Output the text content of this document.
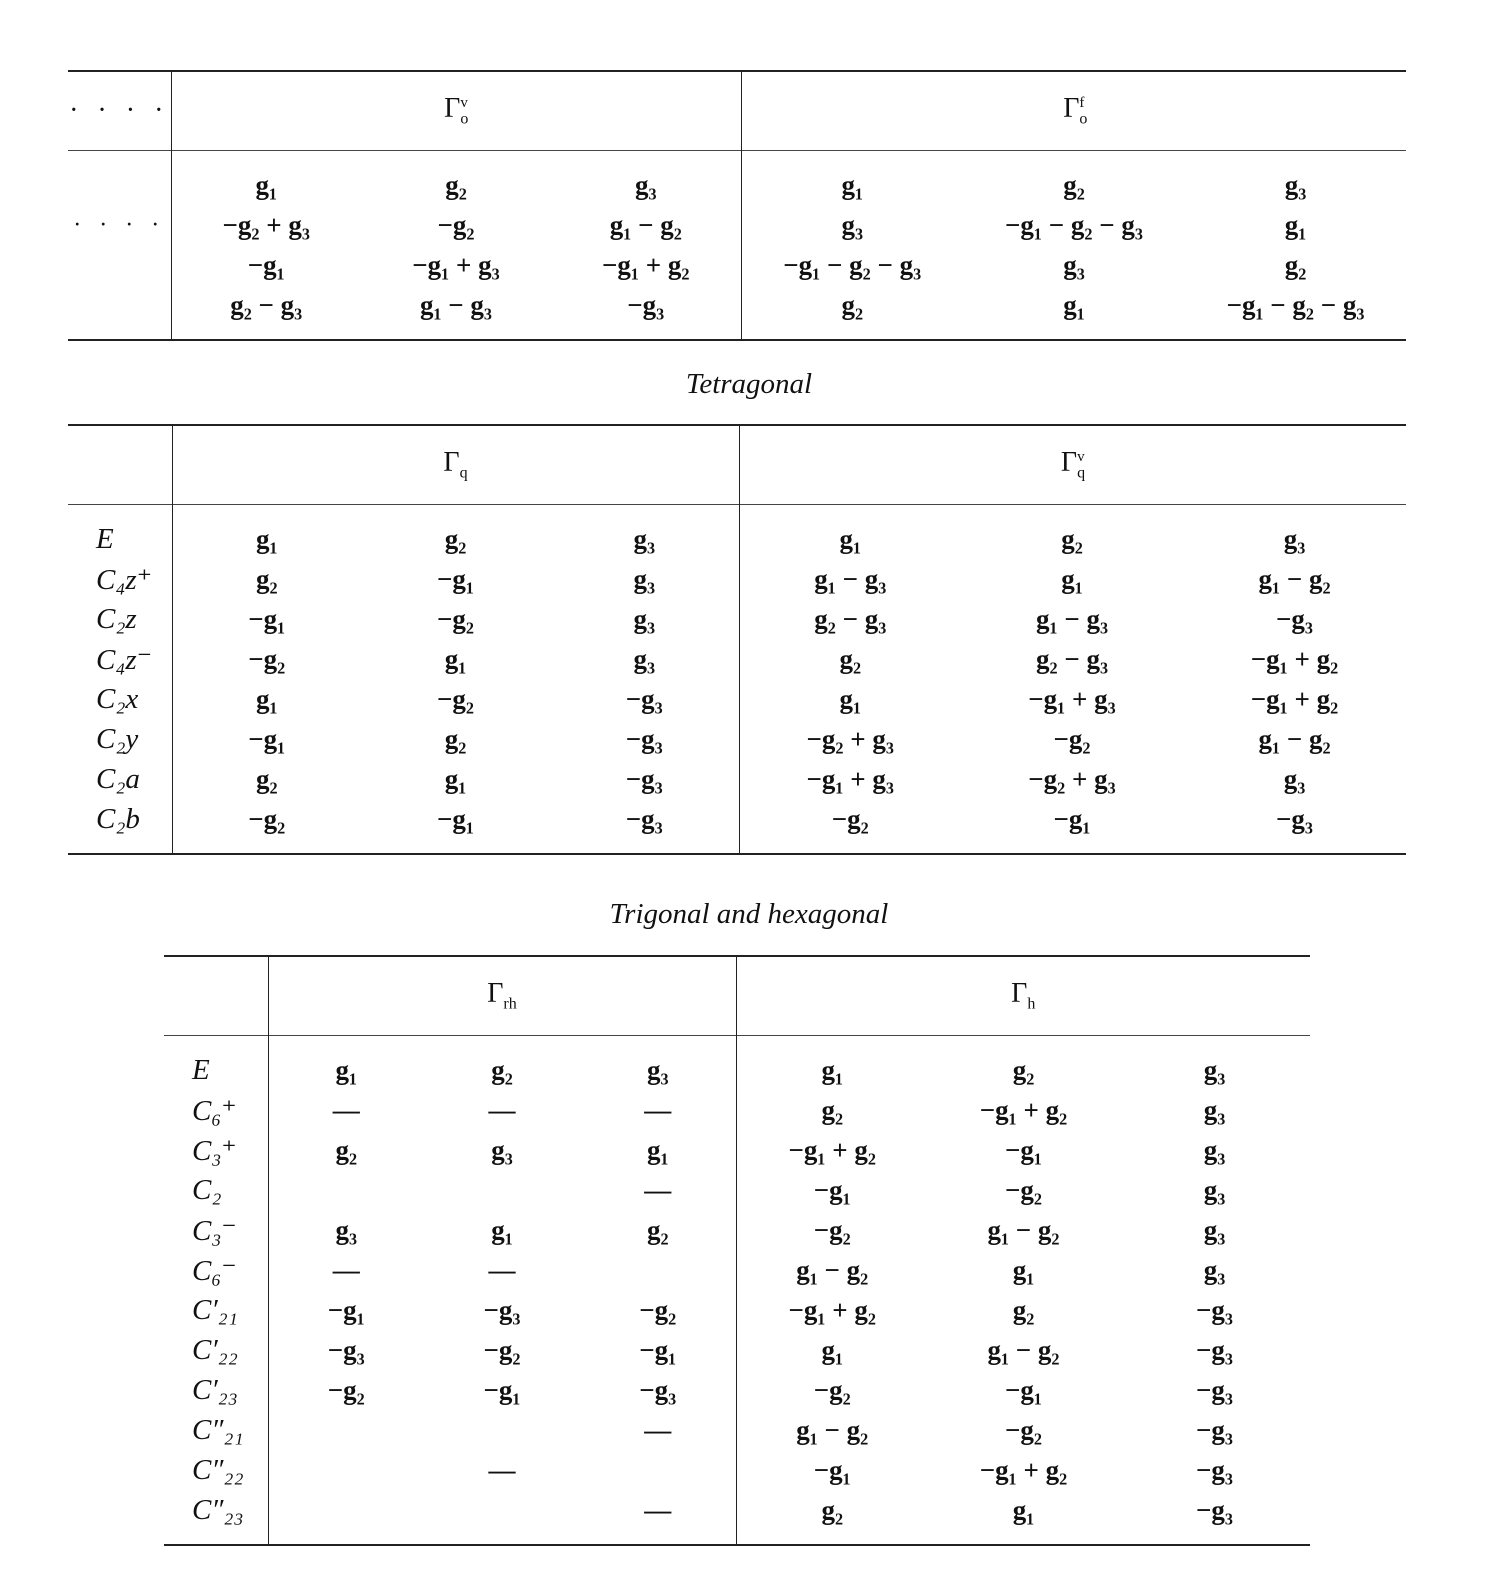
· · · ·	$\Gamma_o^v$			$\Gamma_o^f$
	g₁	g₂	g₃	g₁	g₂	g₃
· · · ·	−g₂ + g₃	−g₂	g₁ − g₂	g₃	−g₁ − g₂ − g₃	g₁
	−g₁	−g₁ + g₃	−g₁ + g₂	−g₁ − g₂ − g₃	g₃	g₂
	g₂ − g₃	g₁ − g₃	−g₃	g₂	g₁	−g₁ − g₂ − g₃
Tetragonal
	$\Gamma_q$			$\Gamma_q^v$
E	g₁	g₂	g₃	g₁	g₂	g₃
C₄z⁺	g₂	−g₁	g₃	g₁ − g₃	g₁	g₁ − g₂
C₂z	−g₁	−g₂	g₃	g₂ − g₃	g₁ − g₃	−g₃
C₄z⁻	−g₂	g₁	g₃	g₂	g₂ − g₃	−g₁ + g₂
C₂x	g₁	−g₂	−g₃	g₁	−g₁ + g₃	−g₁ + g₂
C₂y	−g₁	g₂	−g₃	−g₂ + g₃	−g₂	g₁ − g₂
C₂a	g₂	g₁	−g₃	−g₁ + g₃	−g₂ + g₃	g₃
C₂b	−g₂	−g₁	−g₃	−g₂	−g₁	−g₃
Trigonal and hexagonal
	$\Gamma_{rh}$			$\Gamma_h$
E	g₁	g₂	g₃	g₁	g₂	g₃
C₆⁺	—	—	—	g₂	−g₁ + g₂	g₃
C₃⁺	g₂	g₃	g₁	−g₁ + g₂	−g₁	g₃
C₂			—	−g₁	−g₂	g₃
C₃⁻	g₃	g₁	g₂	−g₂	g₁ − g₂	g₃
C₆⁻	—	—		g₁ − g₂	g₁	g₃
C′₂₁	−g₁	−g₃	−g₂	−g₁ + g₂	g₂	−g₃
C′₂₂	−g₃	−g₂	−g₁	g₁	g₁ − g₂	−g₃
C′₂₃	−g₂	−g₁	−g₃	−g₂	−g₁	−g₃
C″₂₁			—	g₁ − g₂	−g₂	−g₃
C″₂₂		—		−g₁	−g₁ + g₂	−g₃
C″₂₃			—	g₂	g₁	−g₃
